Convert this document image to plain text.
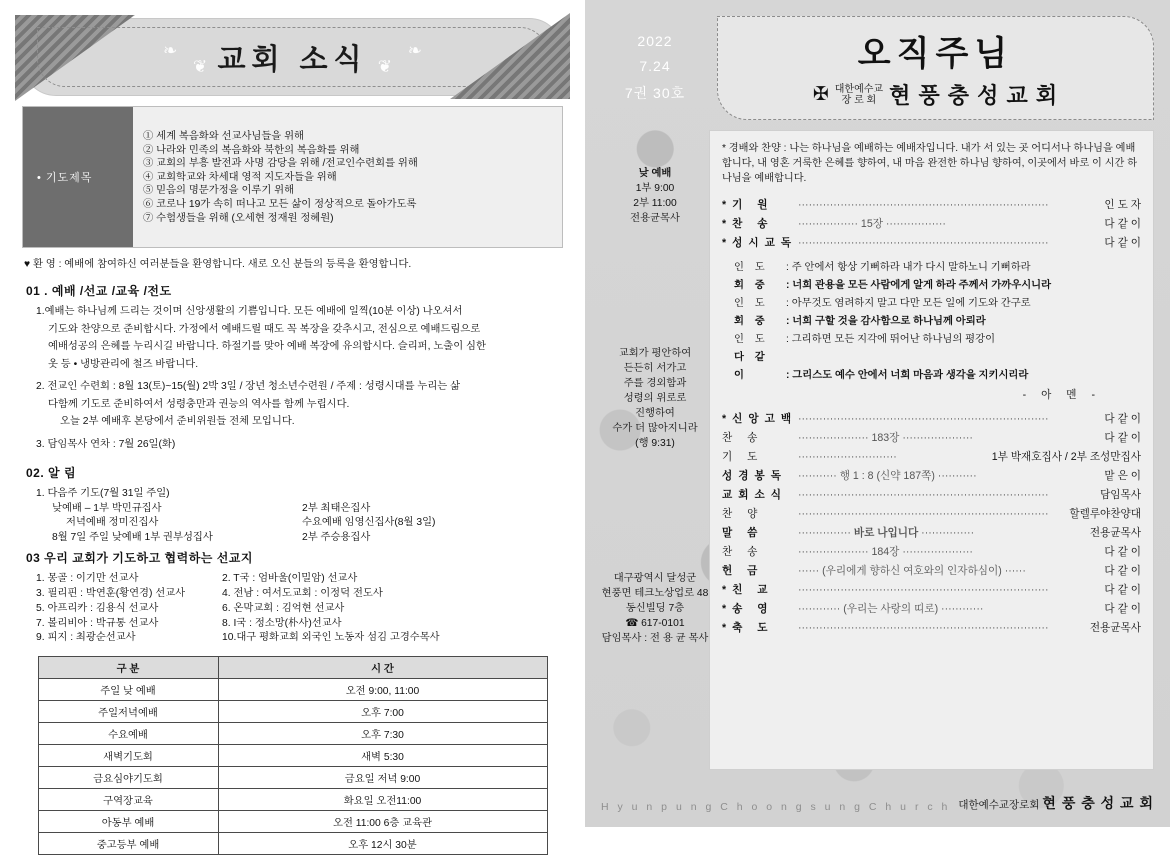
❧
❦
❧
❦
교회 소식
• 기도제목
① 세계 복음화와 선교사님들을 위해
② 나라와 민족의 복음화와 북한의 복음화를 위해
③ 교회의 부흥 발전과 사명 감당을 위해 /전교인수련회를 위해
④ 교회학교와 차세대 영적 지도자들을 위해
⑤ 믿음의 명문가정을 이루기 위해
⑥ 코로나 19가 속히 떠나고 모든 삶이 정상적으로 돌아가도록
⑦ 수험생들을 위해 (오세현 정재원 정혜원)
♥ 환 영 : 예배에 참여하신 여러분들을 환영합니다. 새로 오신 분들의 등록을 환영합니다.
01 . 예배 /선교 /교육 /전도
1.예배는 하나님께 드리는 것이며 신앙생활의 기쁨입니다. 모든 예배에 일찍(10분 이상) 나오셔서
기도와 찬양으로 준비합시다. 가정에서 예배드릴 때도 꼭 복장을 갖추시고, 전심으로 예배드림으로
예배성공의 은혜를 누리시길 바랍니다. 하절기를 맞아 예배 복장에 유의합시다. 슬리퍼, 노출이 심한
옷 등 • 냉방관리에 철즈 바랍니다.
2. 전교인 수련회 : 8월 13(토)~15(월) 2박 3일 / 장년 청소년수련원 / 주제 : 성령시대를 누리는 삶
다함께 기도로 준비하여서 성령충만과 권능의 역사를 함께 누립시다.
오늘 2부 예배후 본당에서 준비위원들 전체 모입니다.
3. 담임목사 연차 : 7월 26일(화)
02. 알 림
1. 다음주 기도(7월 31일 주일)
낮예배 – 1부 박민규집사	2부 최태은집사
저녁예배 정미진집사	수요예배 임영신집사(8월 3일)
8월 7일 주일 낮예배 1부 권부성집사	2부 주승용집사
03 우리 교회가 기도하고 협력하는 선교지
1. 몽골 : 이기만 선교사	2. T국 : 엄바울(이밀암) 선교사
3. 필리핀 : 박연훈(황연경) 선교사	4. 전남 : 여서도교회 : 이정덕 전도사
5. 아프리카 : 김용식 선교사	6. 온막교회 : 김억현 선교사
7. 볼리비아 : 박규통 선교사	8. I국 : 정소망(朴사)선교사
9. 피지 : 최광순선교사	10.대구 평화교회 외국인 노동자 섬김 고경수목사
구 분	시 간
주일 낮 예배	오전 9:00, 11:00
주일저녁예배	오후 7:00
수요예배	오후 7:30
새벽기도회	새벽 5:30
금요심야기도회	금요일 저녁 9:00
구역장교육	화요일 오전11:00
아동부 예배	오전 11:00 6층 교육관
중고등부 예배	오후 12시 30분
2022
7.24
7권 30호
오직주님
✠ 대한예수교
장 로 회 현 풍 충 성 교 회
낮 예배
1부 9:00
2부 11:00
전용균목사
교회가 평안하여
든든히 서가고
주를 경외함과
성령의 위로로
진행하여
수가 더 많아지니라
(행 9:31)
대구광역시 달성군
현풍면 테크노상업로 48
동신빌딩 7층
☎ 617-0101
담임목사 : 전 용 균 목사
* 경배와 찬양 : 나는 하나님을 예배하는 예배자입니다. 내가 서 있는 곳 어디서나 하나님을 예배합니다, 내 영혼 거룩한 은혜를 향하여, 내 마음 완전한 하나님 향하여, 이곳에서 바로 이 시간 하나님을 예배합니다.
*기 원	·······································································	인 도 자
*찬 송	················· 15장 ·················	다 같 이
*성시교독 ·······································································	다 같 이
인 도 : 주 안에서 항상 기뻐하라 내가 다시 말하노니 기뻐하라
회 중 : 너희 관용을 모든 사람에게 알게 하라 주께서 가까우시니라
인 도 : 아무것도 염려하지 말고 다만 모든 일에 기도와 간구로
회 중 : 너희 구할 것을 감사함으로 하나님께 아뢰라
인 도 : 그리하면 모든 지각에 뛰어난 하나님의 평강이
다 같 이	: 그리스도 예수 안에서 너희 마음과 생각을 지키시리라
- 아 멘 -
*신앙고백 ·······································································	다 같 이
찬 송	···················· 183장 ····················	다 같 이
기 도	····························	1부 박재호집사 / 2부 조성만집사
성경봉독	··········· 행 1 : 8 (신약 187쪽) ···········	맡 은 이
교회소식	·······································································	담임목사
찬 양	·······································································	할렐루야찬양대
말 씀	··············· 바로 나입니다 ···············	전용균목사
찬 송	···················· 184장 ····················	다 같 이
헌 금	······ (우리에게 향하신 여호와의 인자하심이) ······	다 같 이
*친 교	·······································································	다 같 이
*송 영	············ (우리는 사랑의 띠로) ············	다 같 이
*축 도	·······································································	전용균목사
H y u n p u n g C h o o n g s u n g C h u r c h 대한예수교장로회 현 풍 충 성 교 회
